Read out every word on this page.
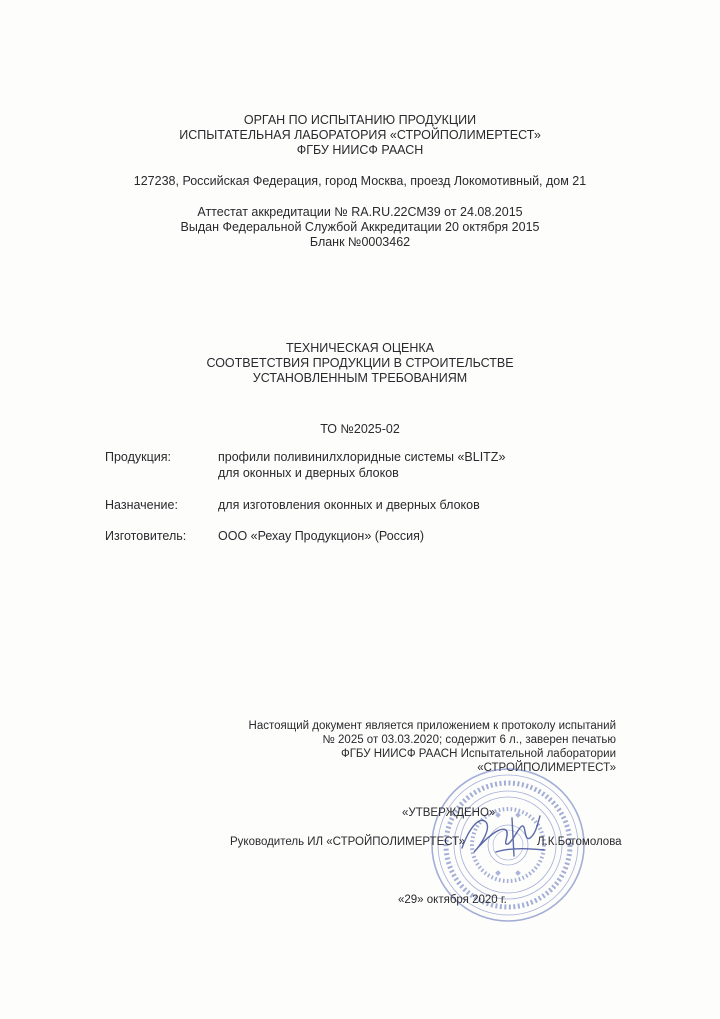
ОРГАН ПО ИСПЫТАНИЮ ПРОДУКЦИИ
ИСПЫТАТЕЛЬНАЯ ЛАБОРАТОРИЯ «СТРОЙПОЛИМЕРТЕСТ»
ФГБУ НИИСФ РААСН
127238, Российская Федерация, город Москва, проезд Локомотивный, дом 21
Аттестат аккредитации № RA.RU.22СМ39 от 24.08.2015
Выдан Федеральной Службой Аккредитации 20 октября 2015
Бланк №0003462
ТЕХНИЧЕСКАЯ ОЦЕНКА
СООТВЕТСТВИЯ ПРОДУКЦИИ В СТРОИТЕЛЬСТВЕ
УСТАНОВЛЕННЫМ ТРЕБОВАНИЯМ
ТО №2025-02
Продукция:	профили поливинилхлоридные системы «BLITZ»
для оконных и дверных блоков
Назначение:	для изготовления оконных и дверных блоков
Изготовитель:	ООО «Рехау Продукцион» (Россия)
Настоящий документ является приложением к протоколу испытаний
№ 2025 от 03.03.2020; содержит 6 л., заверен печатью
ФГБУ НИИСФ РААСН Испытательной лаборатории
«СТРОЙПОЛИМЕРТЕСТ»
«УТВЕРЖДЕНО»
Руководитель ИЛ «СТРОЙПОЛИМЕРТЕСТ»	Л.К.Богомолова
«29» октября 2020 г.
